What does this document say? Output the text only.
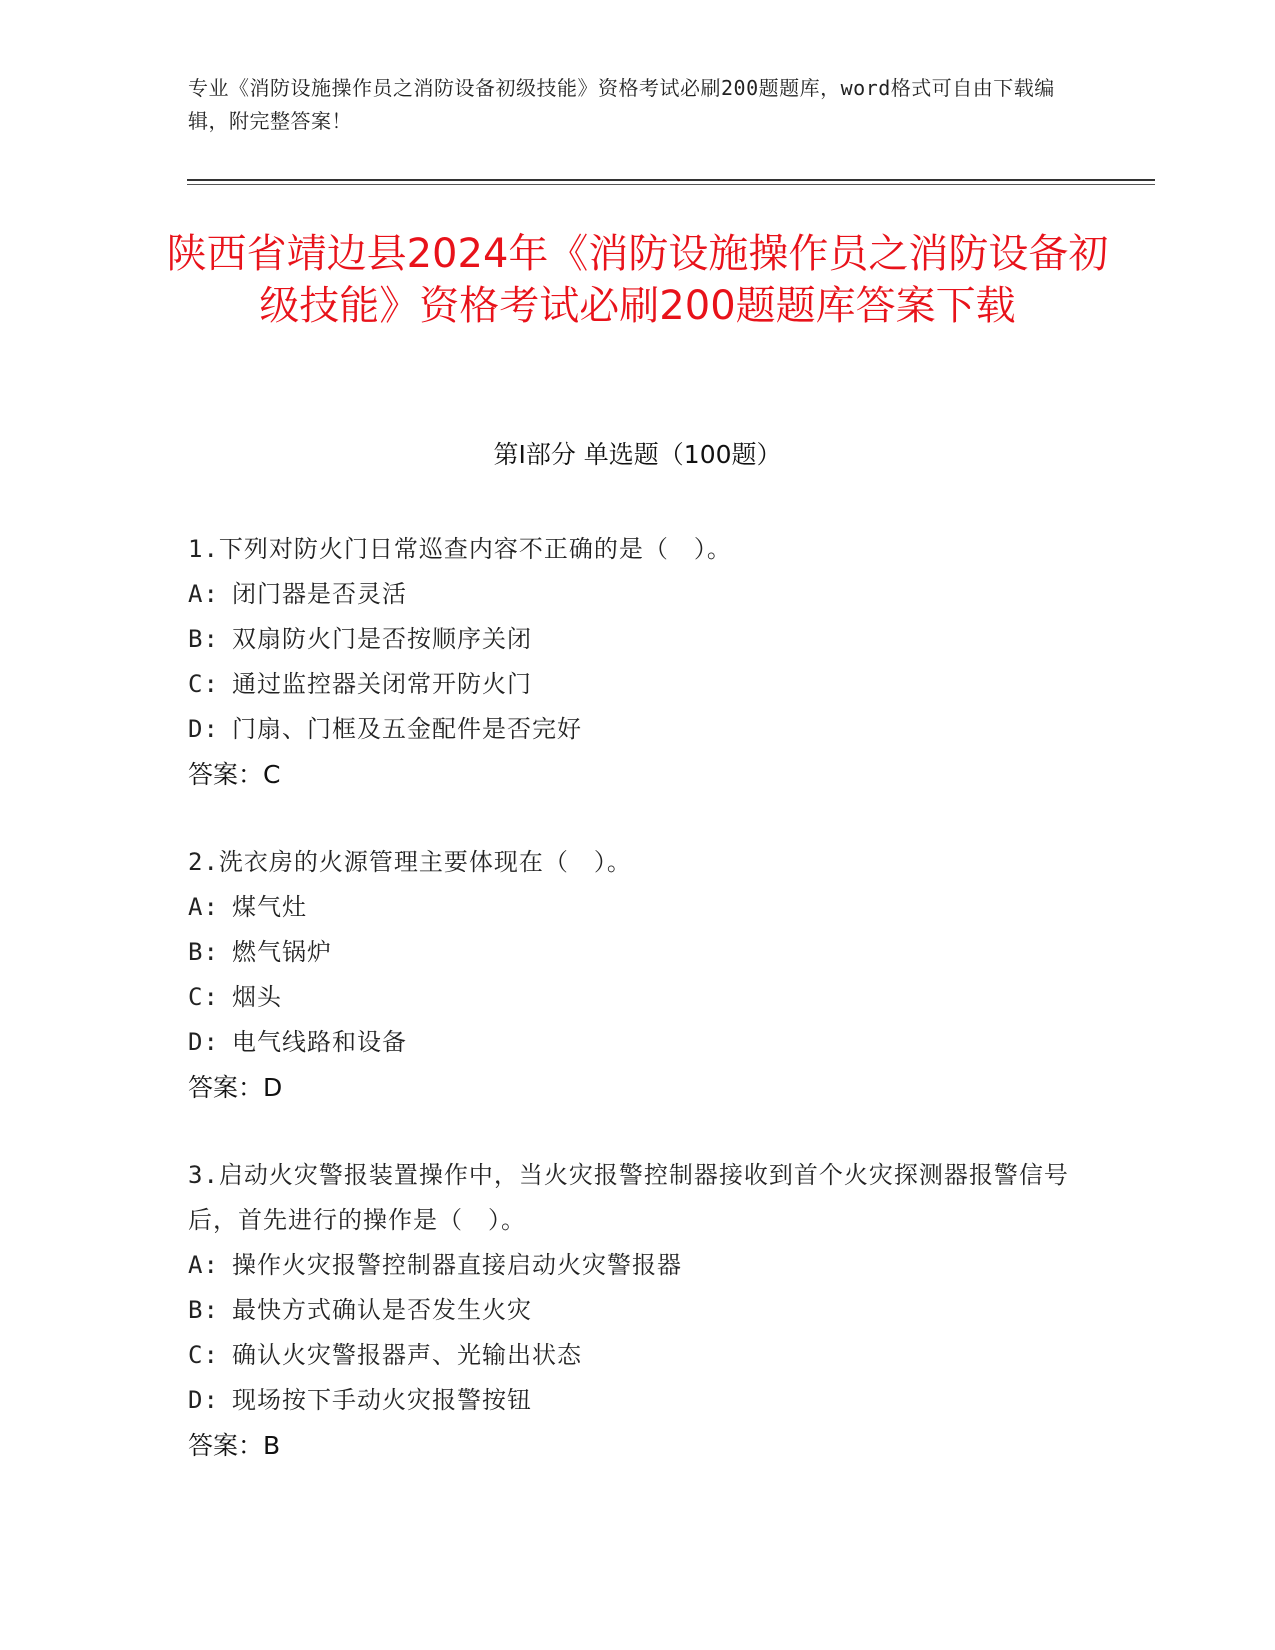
专业《消防设施操作员之消防设备初级技能》资格考试必刷200题题库，word格式可自由下载编辑，附完整答案！
陕西省靖边县2024年《消防设施操作员之消防设备初级技能》资格考试必刷200题题库答案下载
第I部分 单选题（100题）
1.下列对防火门日常巡查内容不正确的是（　）。
A: 闭门器是否灵活
B: 双扇防火门是否按顺序关闭
C: 通过监控器关闭常开防火门
D: 门扇、门框及五金配件是否完好
答案：C
2.洗衣房的火源管理主要体现在（　）。
A: 煤气灶
B: 燃气锅炉
C: 烟头
D: 电气线路和设备
答案：D
3.启动火灾警报装置操作中，当火灾报警控制器接收到首个火灾探测器报警信号后，首先进行的操作是（　）。
A: 操作火灾报警控制器直接启动火灾警报器
B: 最快方式确认是否发生火灾
C: 确认火灾警报器声、光输出状态
D: 现场按下手动火灾报警按钮
答案：B
